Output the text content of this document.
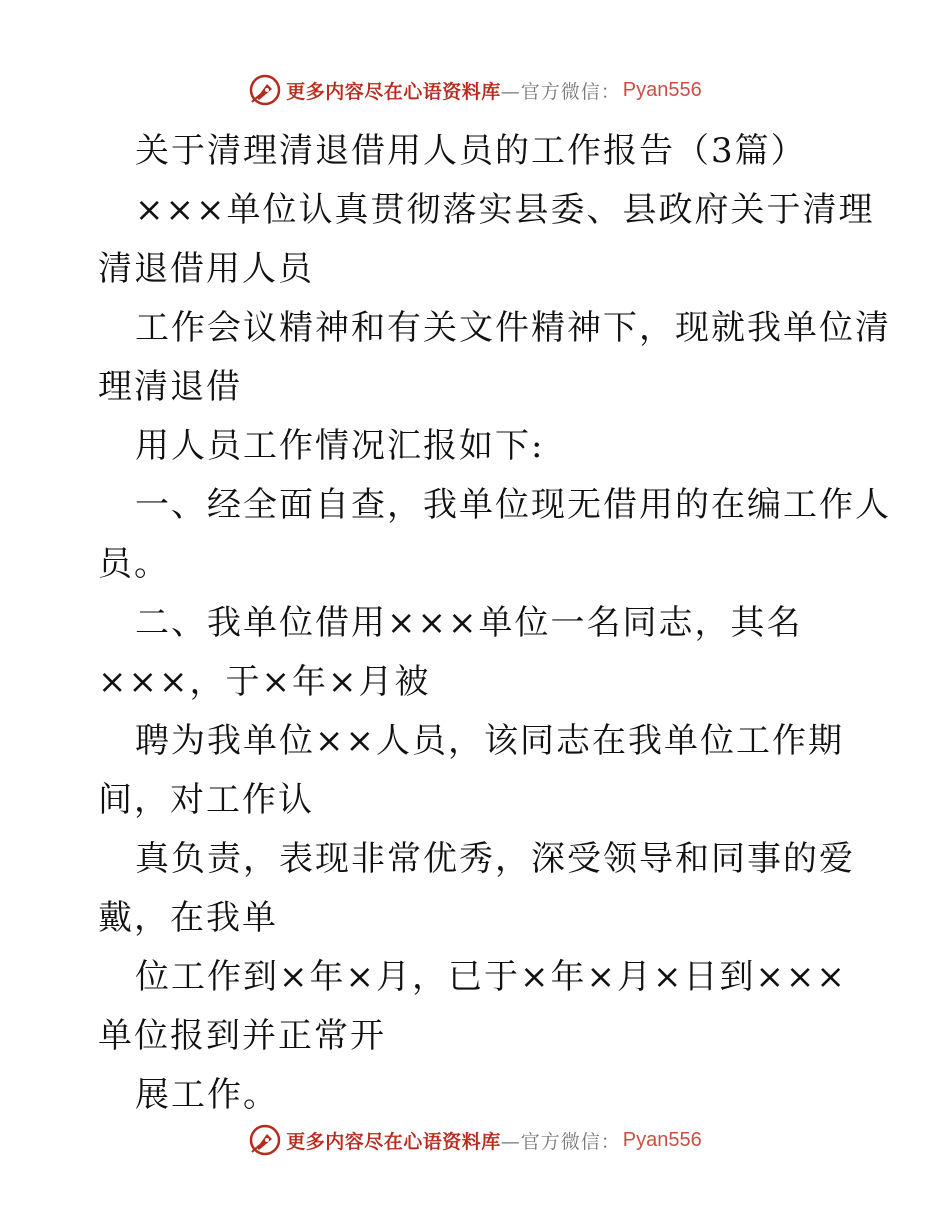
更多内容尽在心语资料库 —官方微信： Pyan556
关于清理清退借用人员的工作报告（3篇）
×××单位认真贯彻落实县委、县政府关于清理
清退借用人员
工作会议精神和有关文件精神下，现就我单位清
理清退借
用人员工作情况汇报如下:
一、经全面自查，我单位现无借用的在编工作人
员。
二、我单位借用×××单位一名同志，其名
×××，于×年×月被
聘为我单位××人员，该同志在我单位工作期
间，对工作认
真负责，表现非常优秀，深受领导和同事的爱
戴，在我单
位工作到×年×月，已于×年×月×日到×××
单位报到并正常开
展工作。
更多内容尽在心语资料库 —官方微信： Pyan556
